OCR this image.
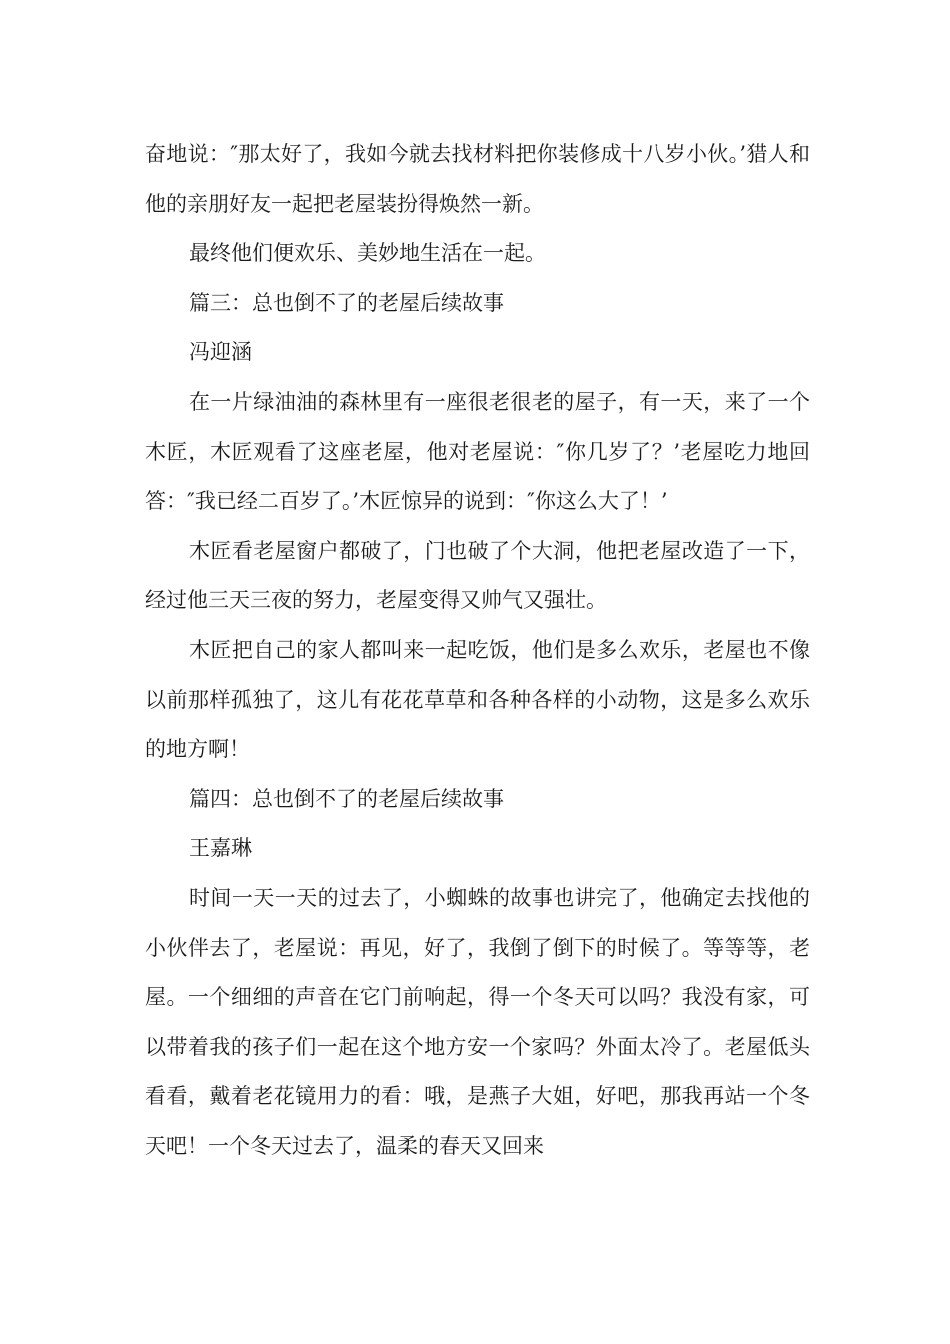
奋地说：″那太好了，我如今就去找材料把你装修成十八岁小伙。’猎人和他的亲朋好友一起把老屋装扮得焕然一新。

最终他们便欢乐、美妙地生活在一起。

篇三：总也倒不了的老屋后续故事

冯迎涵

在一片绿油油的森林里有一座很老很老的屋子，有一天，来了一个木匠，木匠观看了这座老屋，他对老屋说：″你几岁了？’老屋吃力地回答：″我已经二百岁了。’木匠惊异的说到：″你这么大了！’

木匠看老屋窗户都破了，门也破了个大洞，他把老屋改造了一下，经过他三天三夜的努力，老屋变得又帅气又强壮。

木匠把自己的家人都叫来一起吃饭，他们是多么欢乐，老屋也不像以前那样孤独了，这儿有花花草草和各种各样的小动物，这是多么欢乐的地方啊！

篇四：总也倒不了的老屋后续故事

王嘉琳

时间一天一天的过去了，小蜘蛛的故事也讲完了，他确定去找他的小伙伴去了，老屋说：再见，好了，我倒了倒下的时候了。等等等，老屋。一个细细的声音在它门前响起，得一个冬天可以吗？我没有家，可以带着我的孩子们一起在这个地方安一个家吗？外面太冷了。老屋低头看看，戴着老花镜用力的看：哦，是燕子大姐，好吧，那我再站一个冬天吧！一个冬天过去了，温柔的春天又回来
